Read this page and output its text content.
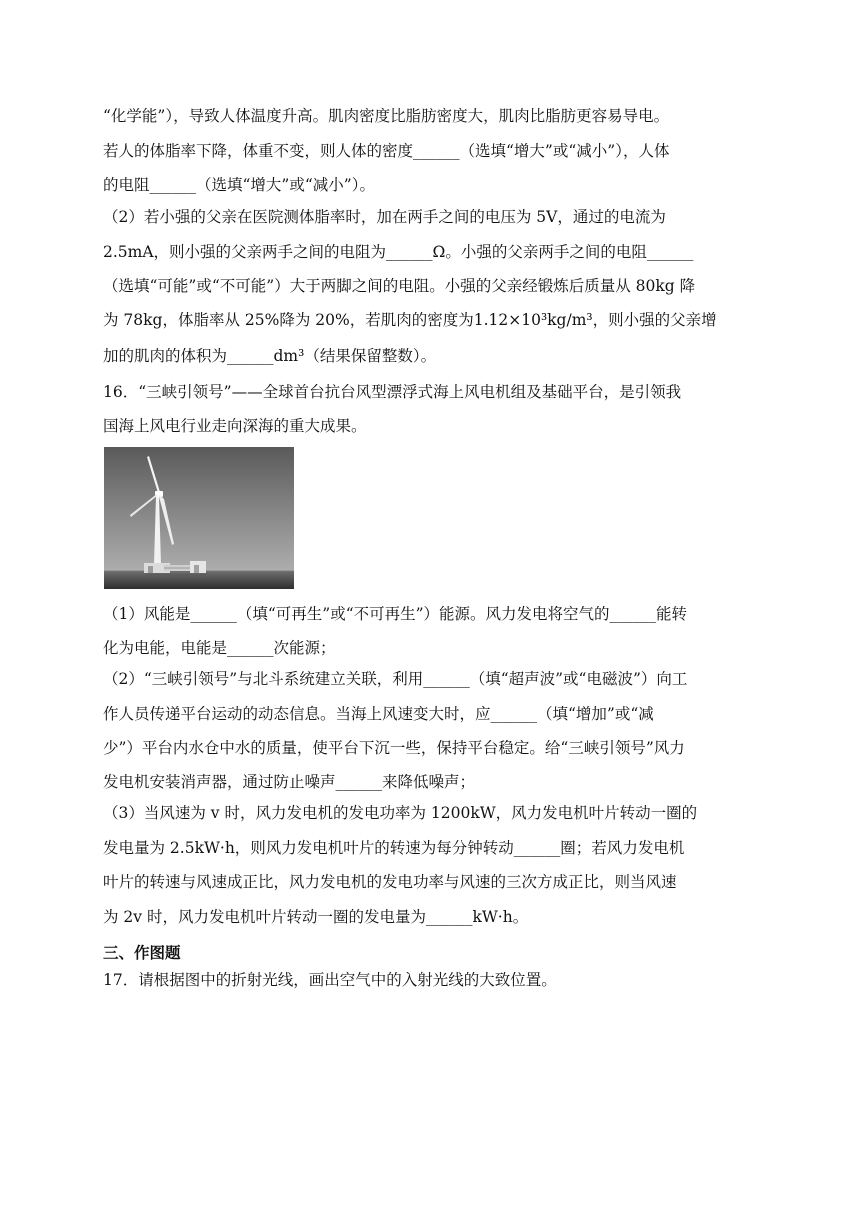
“化学能”），导致人体温度升高。肌肉密度比脂肪密度大，肌肉比脂肪更容易导电。
若人的体脂率下降，体重不变，则人体的密度______（选填“增大”或“减小”），人体
的电阻______（选填“增大”或“减小”）。
（2）若小强的父亲在医院测体脂率时，加在两手之间的电压为 5V，通过的电流为
2.5mA，则小强的父亲两手之间的电阻为______Ω。小强的父亲两手之间的电阻______
（选填“可能”或“不可能”）大于两脚之间的电阻。小强的父亲经锻炼后质量从 80kg 降
为 78kg，体脂率从 25%降为 20%，若肌肉的密度为1.12×10³kg/m³，则小强的父亲增
加的肌肉的体积为______dm³（结果保留整数）。
16．“三峡引领号”——全球首台抗台风型漂浮式海上风电机组及基础平台，是引领我
国海上风电行业走向深海的重大成果。
（1）风能是______（填“可再生”或“不可再生”）能源。风力发电将空气的______能转
化为电能，电能是______次能源；
（2）“三峡引领号”与北斗系统建立关联，利用______（填“超声波”或“电磁波”）向工
作人员传递平台运动的动态信息。当海上风速变大时，应______（填“增加”或“减
少”）平台内水仓中水的质量，使平台下沉一些，保持平台稳定。给“三峡引领号”风力
发电机安装消声器，通过防止噪声______来降低噪声；
（3）当风速为 v 时，风力发电机的发电功率为 1200kW，风力发电机叶片转动一圈的
发电量为 2.5kW·h，则风力发电机叶片的转速为每分钟转动______圈；若风力发电机
叶片的转速与风速成正比，风力发电机的发电功率与风速的三次方成正比，则当风速
为 2v 时，风力发电机叶片转动一圈的发电量为______kW·h。
三、作图题
17．请根据图中的折射光线，画出空气中的入射光线的大致位置。
